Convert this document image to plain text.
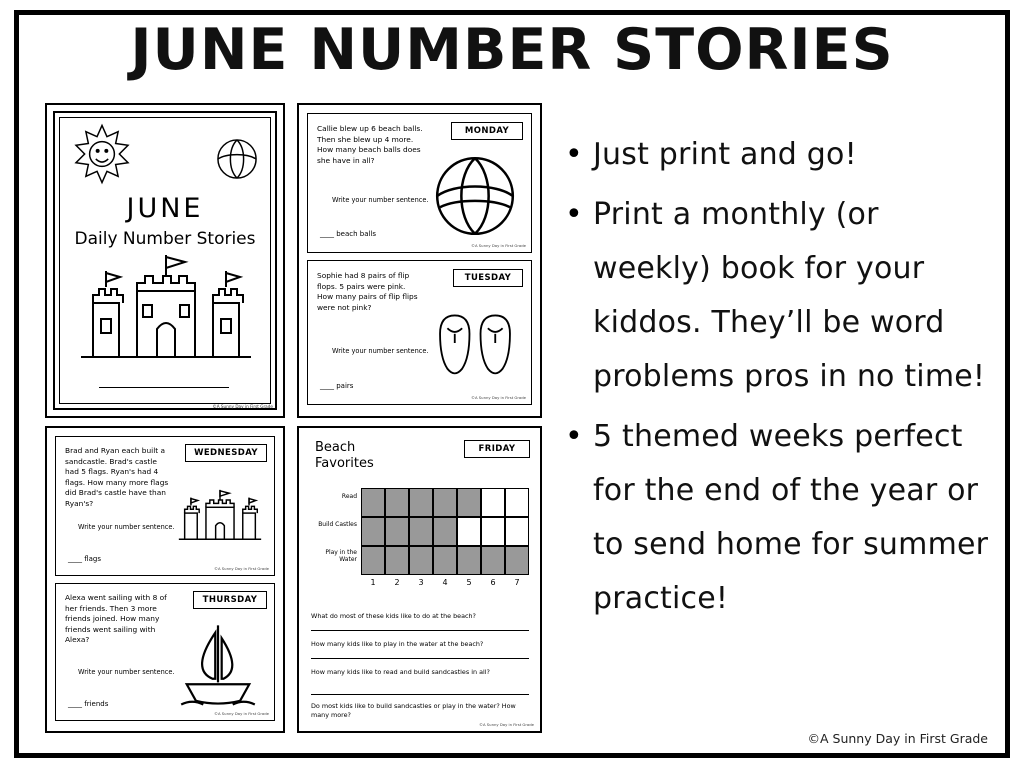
JUNE NUMBER STORIES
JUNE
Daily Number Stories
©A Sunny Day in First Grade
MONDAY
Callie blew up 6 beach balls. Then she blew up 4 more. How many beach balls does she have in all?
Write your number sentence.
____ beach balls
©A Sunny Day in First Grade
TUESDAY
Sophie had 8 pairs of flip flops. 5 pairs were pink. How many pairs of flip flips were not pink?
Write your number sentence.
____ pairs
©A Sunny Day in First Grade
WEDNESDAY
Brad and Ryan each built a sandcastle. Brad's castle had 5 flags. Ryan's had 4 flags. How many more flags did Brad's castle have than Ryan's?
Write your number sentence.
____ flags
©A Sunny Day in First Grade
THURSDAY
Alexa went sailing with 8 of her friends. Then 3 more friends joined. How many friends went sailing with Alexa?
Write your number sentence.
____ friends
©A Sunny Day in First Grade
FRIDAY
Beach Favorites
Read
Build Castles
Play in the Water
1	2	3	4	5	6	7
What do most of these kids like to do at the beach?
How many kids like to play in the water at the beach?
How many kids like to read and build sandcastles in all?
Do most kids like to build sandcastles or play in the water? How many more?
©A Sunny Day in First Grade
• Just print and go!
• Print a monthly (or weekly) book for your kiddos. They’ll be word problems pros in no time!
• 5 themed weeks perfect for the end of the year or to send home for summer practice!
©A Sunny Day in First Grade
